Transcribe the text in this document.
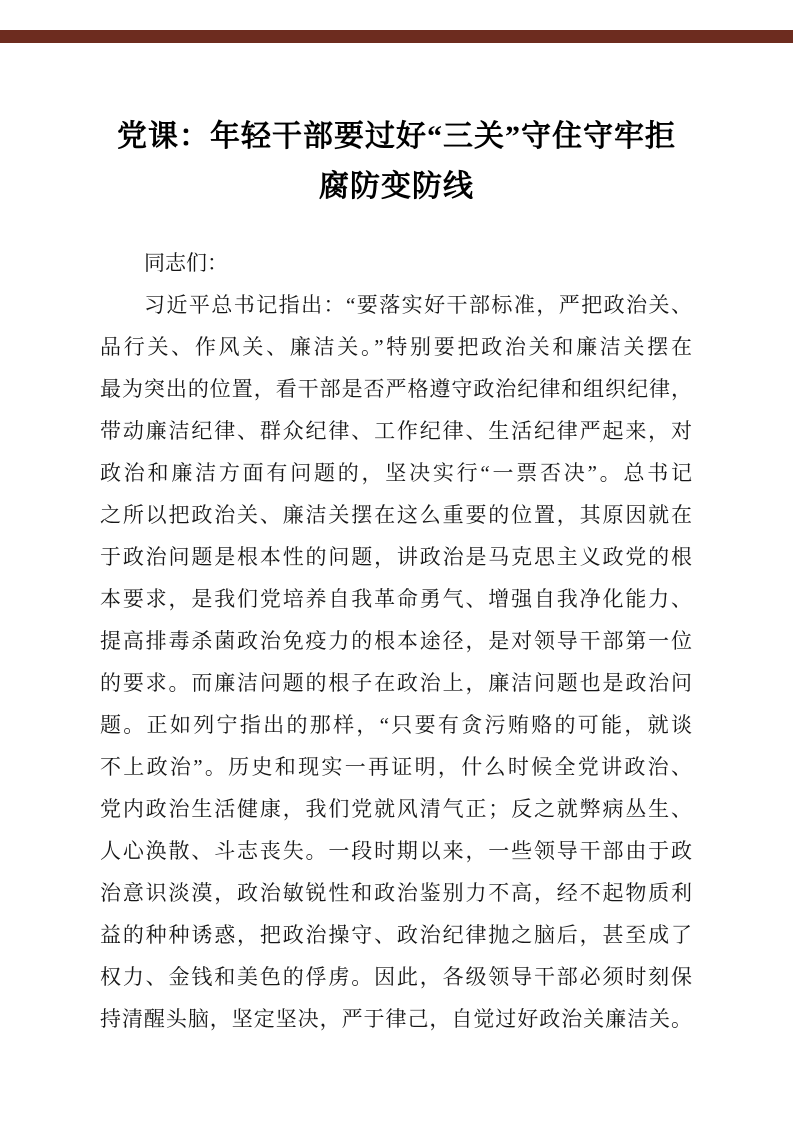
党课：年轻干部要过好“三关”守住守牢拒
腐防变防线
同志们：
习近平总书记指出：“要落实好干部标准，严把政治关、
品行关、作风关、廉洁关。”特别要把政治关和廉洁关摆在
最为突出的位置，看干部是否严格遵守政治纪律和组织纪律，
带动廉洁纪律、群众纪律、工作纪律、生活纪律严起来，对
政治和廉洁方面有问题的，坚决实行“一票否决”。总书记
之所以把政治关、廉洁关摆在这么重要的位置，其原因就在
于政治问题是根本性的问题，讲政治是马克思主义政党的根
本要求，是我们党培养自我革命勇气、增强自我净化能力、
提高排毒杀菌政治免疫力的根本途径，是对领导干部第一位
的要求。而廉洁问题的根子在政治上，廉洁问题也是政治问
题。正如列宁指出的那样，“只要有贪污贿赂的可能，就谈
不上政治”。历史和现实一再证明，什么时候全党讲政治、
党内政治生活健康，我们党就风清气正；反之就弊病丛生、
人心涣散、斗志丧失。一段时期以来，一些领导干部由于政
治意识淡漠，政治敏锐性和政治鉴别力不高，经不起物质利
益的种种诱惑，把政治操守、政治纪律抛之脑后，甚至成了
权力、金钱和美色的俘虏。因此，各级领导干部必须时刻保
持清醒头脑，坚定坚决，严于律己，自觉过好政治关廉洁关。
